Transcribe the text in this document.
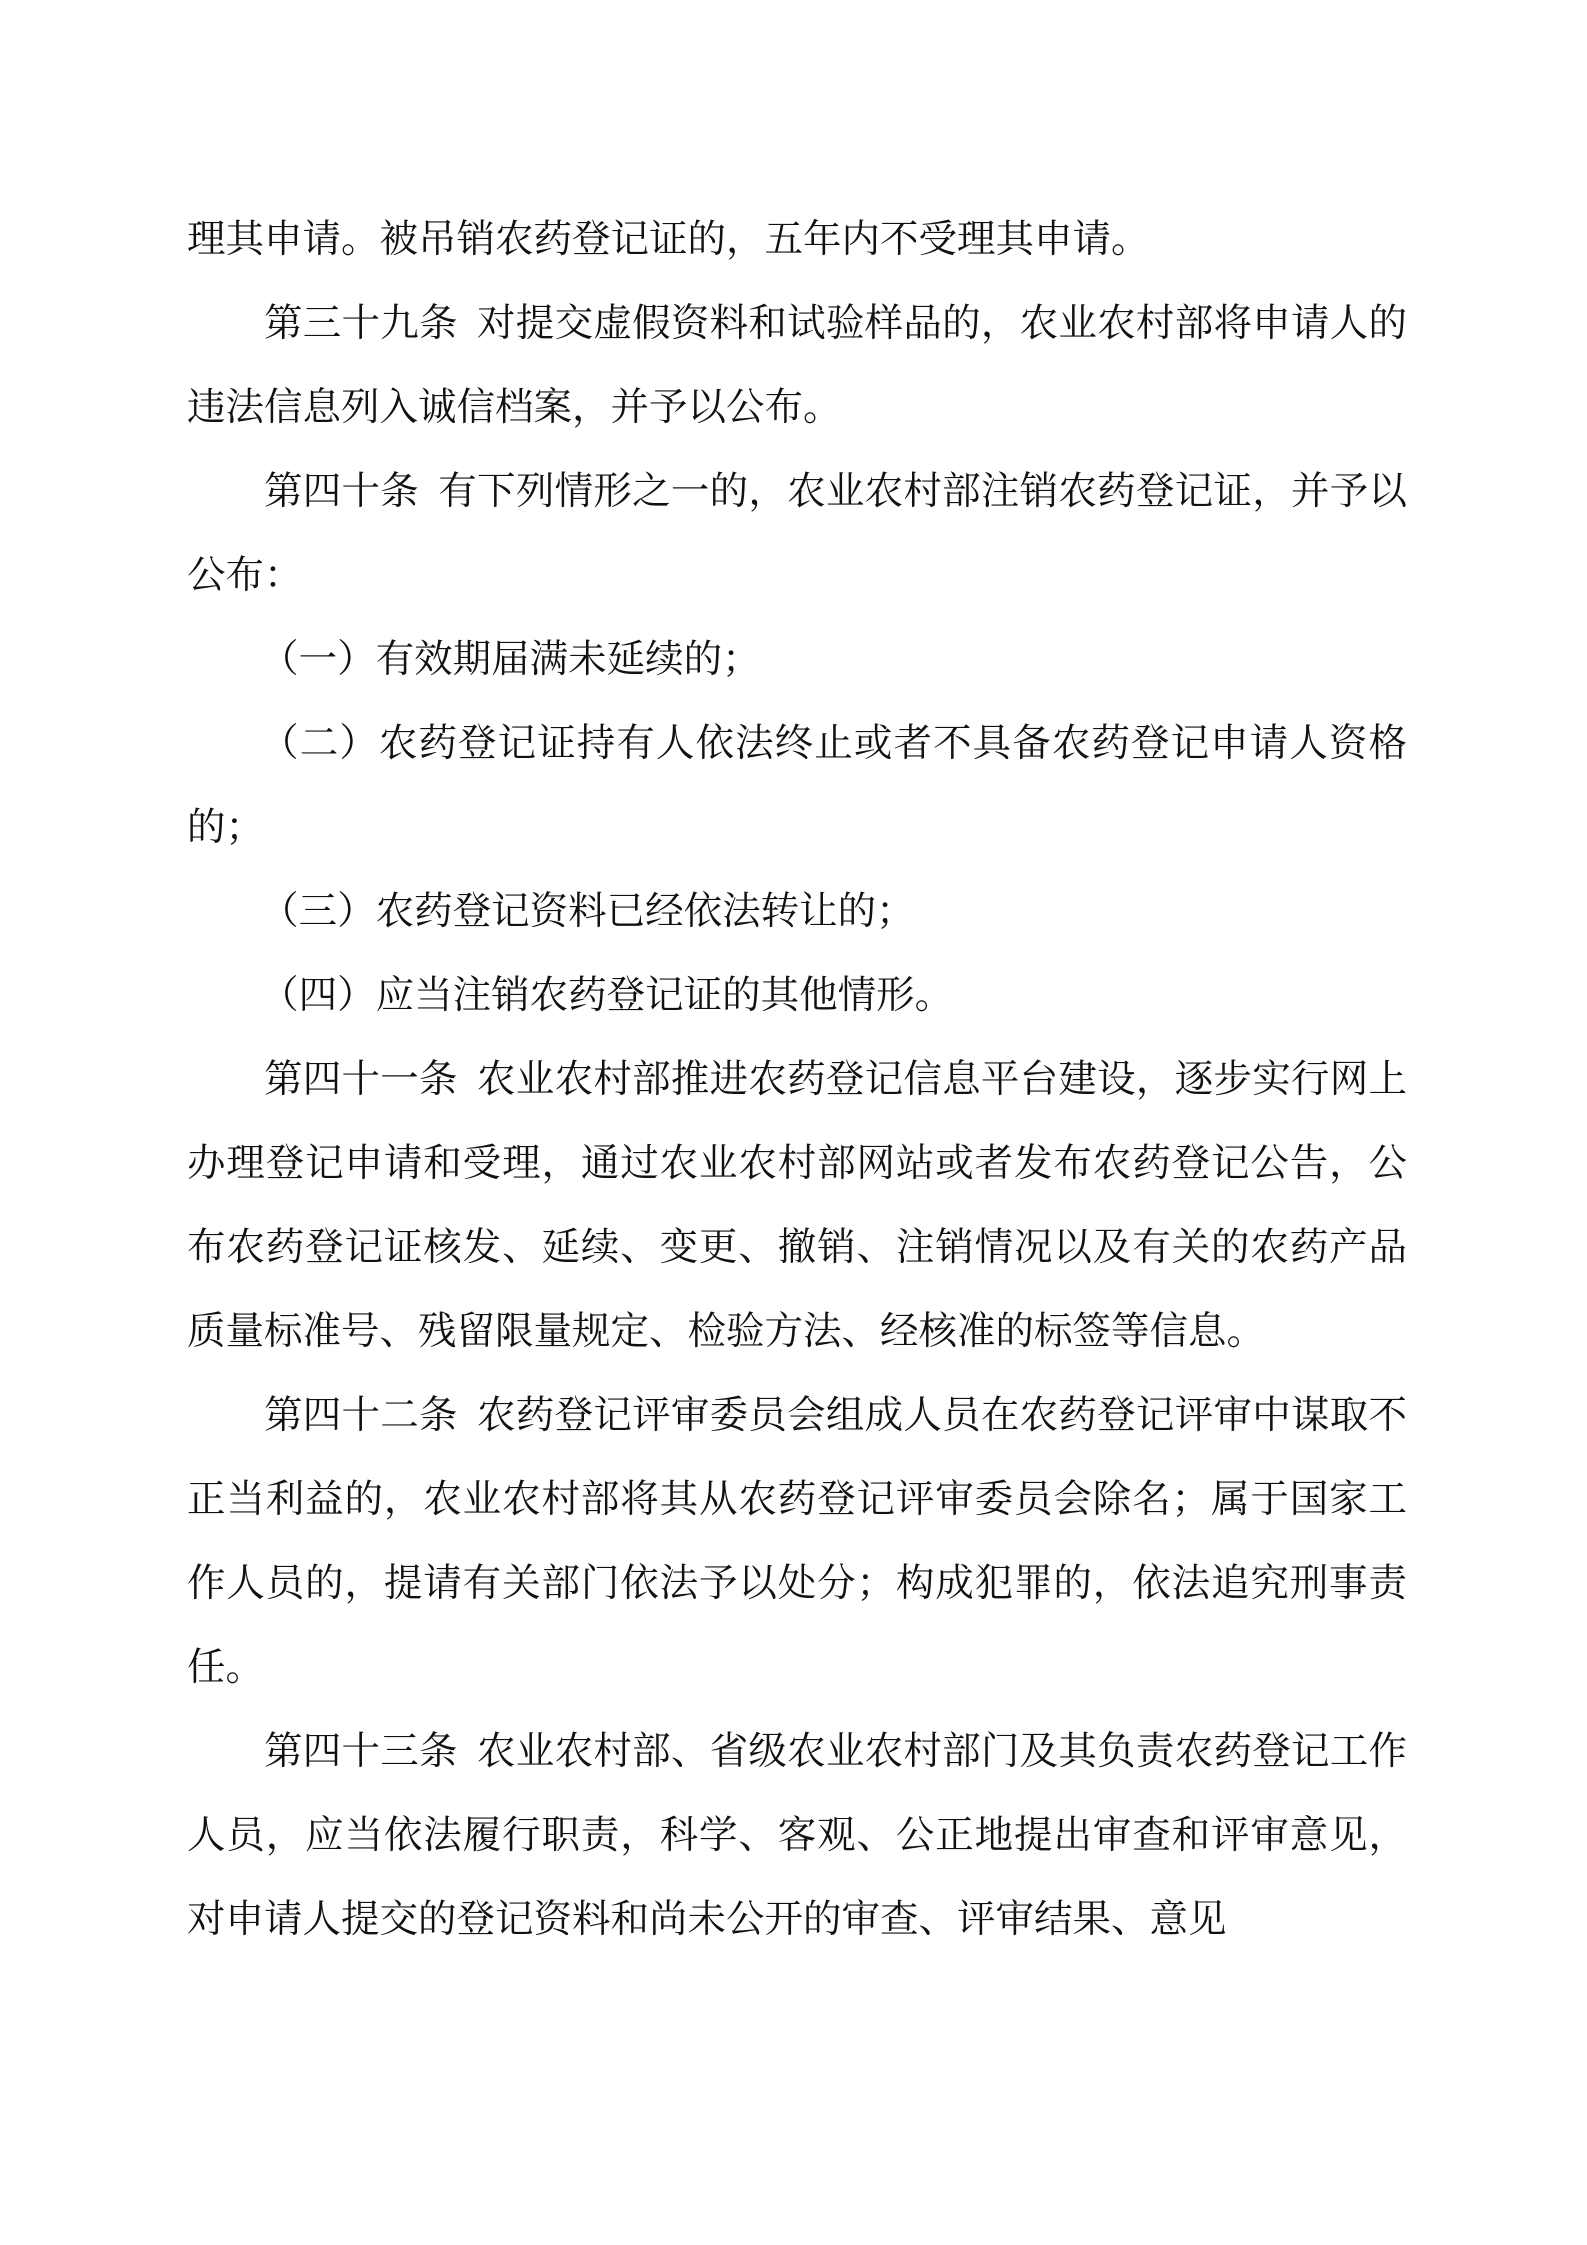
理其申请。被吊销农药登记证的，五年内不受理其申请。

第三十九条 对提交虚假资料和试验样品的，农业农村部将申请人的违法信息列入诚信档案，并予以公布。

第四十条 有下列情形之一的，农业农村部注销农药登记证，并予以公布：

（一）有效期届满未延续的；

（二）农药登记证持有人依法终止或者不具备农药登记申请人资格的；

（三）农药登记资料已经依法转让的；

（四）应当注销农药登记证的其他情形。

第四十一条 农业农村部推进农药登记信息平台建设，逐步实行网上办理登记申请和受理，通过农业农村部网站或者发布农药登记公告，公布农药登记证核发、延续、变更、撤销、注销情况以及有关的农药产品质量标准号、残留限量规定、检验方法、经核准的标签等信息。

第四十二条 农药登记评审委员会组成人员在农药登记评审中谋取不正当利益的，农业农村部将其从农药登记评审委员会除名；属于国家工作人员的，提请有关部门依法予以处分；构成犯罪的，依法追究刑事责任。

第四十三条 农业农村部、省级农业农村部门及其负责农药登记工作人员，应当依法履行职责，科学、客观、公正地提出审查和评审意见，对申请人提交的登记资料和尚未公开的审查、评审结果、意见
